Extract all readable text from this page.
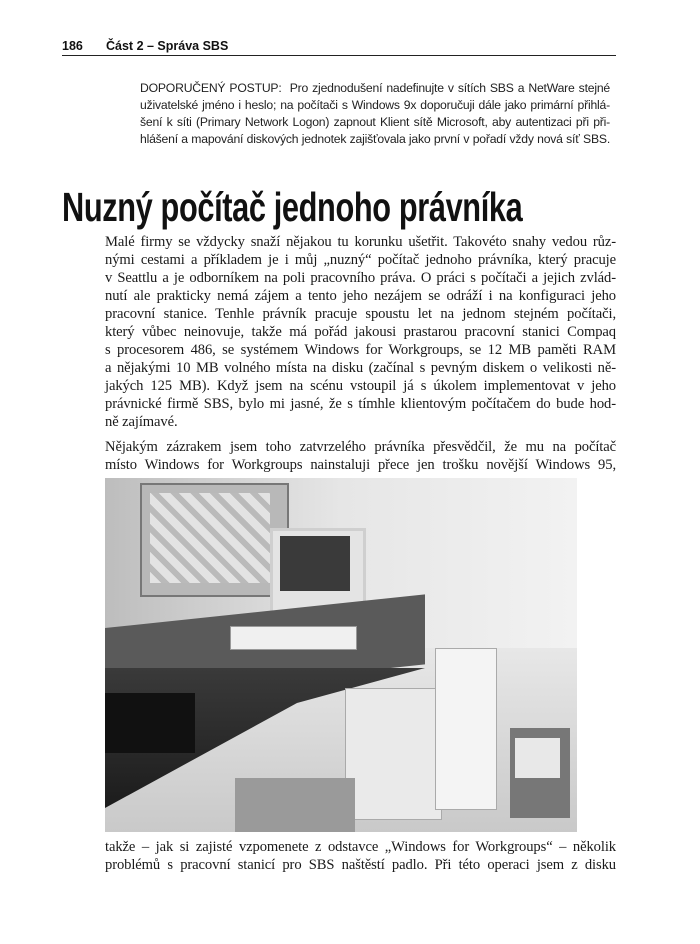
186 Část 2 – Správa SBS
DOPORUČENÝ POSTUP: Pro zjednodušení nadefinujte v sítích SBS a NetWare stejné
uživatelské jméno i heslo; na počítači s Windows 9x doporučuji dále jako primární přihlá-
šení k síti (Primary Network Logon) zapnout Klient sítě Microsoft, aby autentizaci při při-
hlášení a mapování diskových jednotek zajišťovala jako první v pořadí vždy nová síť SBS.
Nuzný počítač jednoho právníka
Malé firmy se vždycky snaží nějakou tu korunku ušetřit. Takovéto snahy vedou růz-
nými cestami a příkladem je i můj „nuzný“ počítač jednoho právníka, který pracuje
v Seattlu a je odborníkem na poli pracovního práva. O práci s počítači a jejich zvlád-
nutí ale prakticky nemá zájem a tento jeho nezájem se odráží i na konfiguraci jeho
pracovní stanice. Tenhle právník pracuje spoustu let na jednom stejném počítači,
který vůbec neinovuje, takže má pořád jakousi prastarou pracovní stanici Compaq
s procesorem 486, se systémem Windows for Workgroups, se 12 MB paměti RAM
a nějakými 10 MB volného místa na disku (začínal s pevným diskem o velikosti ně-
jakých 125 MB). Když jsem na scénu vstoupil já s úkolem implementovat v jeho
právnické firmě SBS, bylo mi jasné, že s tímhle klientovým počítačem do bude hod-
ně zajímavé.
Nějakým zázrakem jsem toho zatvrzelého právníka přesvědčil, že mu na počítač
místo Windows for Workgroups nainstaluji přece jen trošku novější Windows 95,
takže – jak si zajisté vzpomenete z odstavce „Windows for Workgroups“ – několik
problémů s pracovní stanicí pro SBS naštěstí padlo. Při této operaci jsem z disku
